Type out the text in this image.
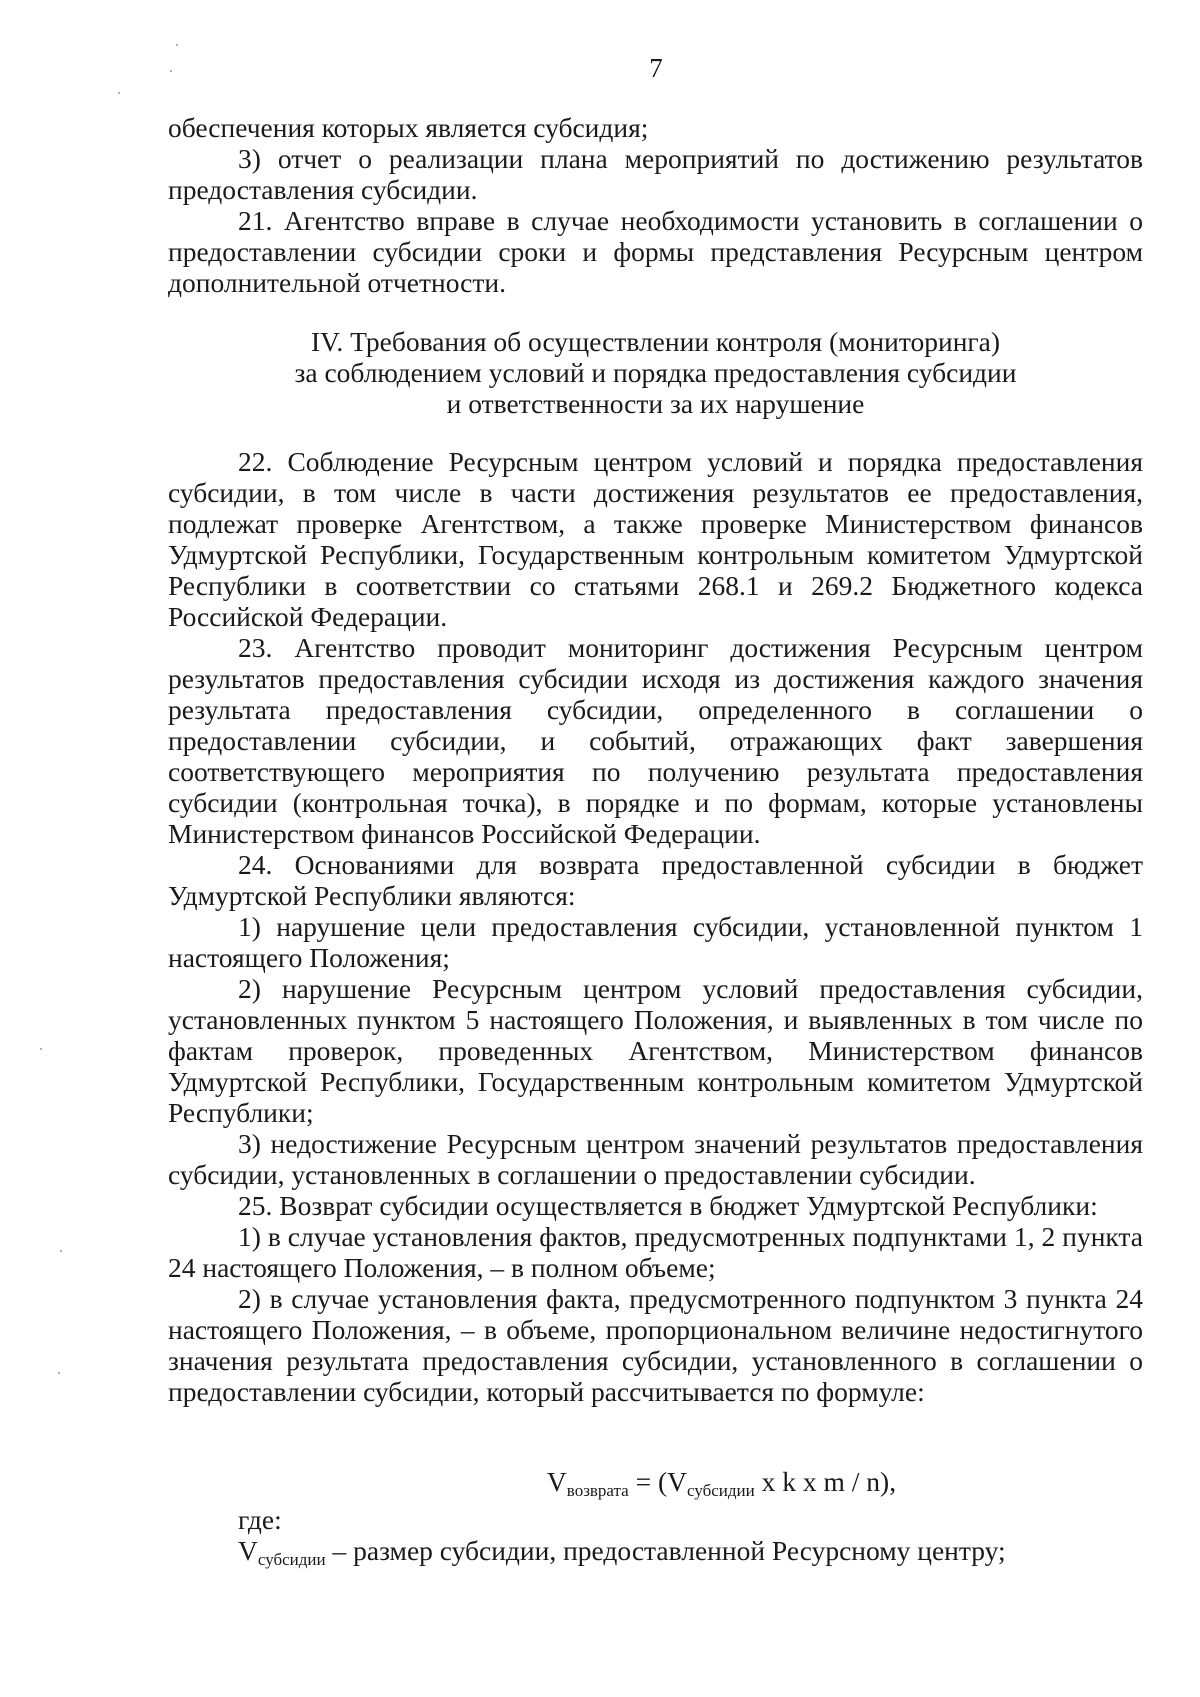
7

обеспечения которых является субсидия;

3) отчет о реализации плана мероприятий по достижению результатов предоставления субсидии.

21. Агентство вправе в случае необходимости установить в соглашении о предоставлении субсидии сроки и формы представления Ресурсным центром дополнительной отчетности.

IV. Требования об осуществлении контроля (мониторинга)
за соблюдением условий и порядка предоставления субсидии
и ответственности за их нарушение

22. Соблюдение Ресурсным центром условий и порядка предоставления субсидии, в том числе в части достижения результатов ее предоставления, подлежат проверке Агентством, а также проверке Министерством финансов Удмуртской Республики, Государственным контрольным комитетом Удмуртской Республики в соответствии со статьями 268.1 и 269.2 Бюджетного кодекса Российской Федерации.

23. Агентство проводит мониторинг достижения Ресурсным центром результатов предоставления субсидии исходя из достижения каждого значения результата предоставления субсидии, определенного в соглашении о предоставлении субсидии, и событий, отражающих факт завершения соответствующего мероприятия по получению результата предоставления субсидии (контрольная точка), в порядке и по формам, которые установлены Министерством финансов Российской Федерации.

24. Основаниями для возврата предоставленной субсидии в бюджет Удмуртской Республики являются:

1) нарушение цели предоставления субсидии, установленной пунктом 1 настоящего Положения;

2) нарушение Ресурсным центром условий предоставления субсидии, установленных пунктом 5 настоящего Положения, и выявленных в том числе по фактам проверок, проведенных Агентством, Министерством финансов Удмуртской Республики, Государственным контрольным комитетом Удмуртской Республики;

3) недостижение Ресурсным центром значений результатов предоставления субсидии, установленных в соглашении о предоставлении субсидии.

25. Возврат субсидии осуществляется в бюджет Удмуртской Республики:

1) в случае установления фактов, предусмотренных подпунктами 1, 2 пункта 24 настоящего Положения, – в полном объеме;

2) в случае установления факта, предусмотренного подпунктом 3 пункта 24 настоящего Положения, – в объеме, пропорциональном величине недостигнутого значения результата предоставления субсидии, установленного в соглашении о предоставлении субсидии, который рассчитывается по формуле:

$V_{возврата} = (V_{субсидии}$ x k x m / n),

где:

$V_{субсидии}$ – размер субсидии, предоставленной Ресурсному центру;
